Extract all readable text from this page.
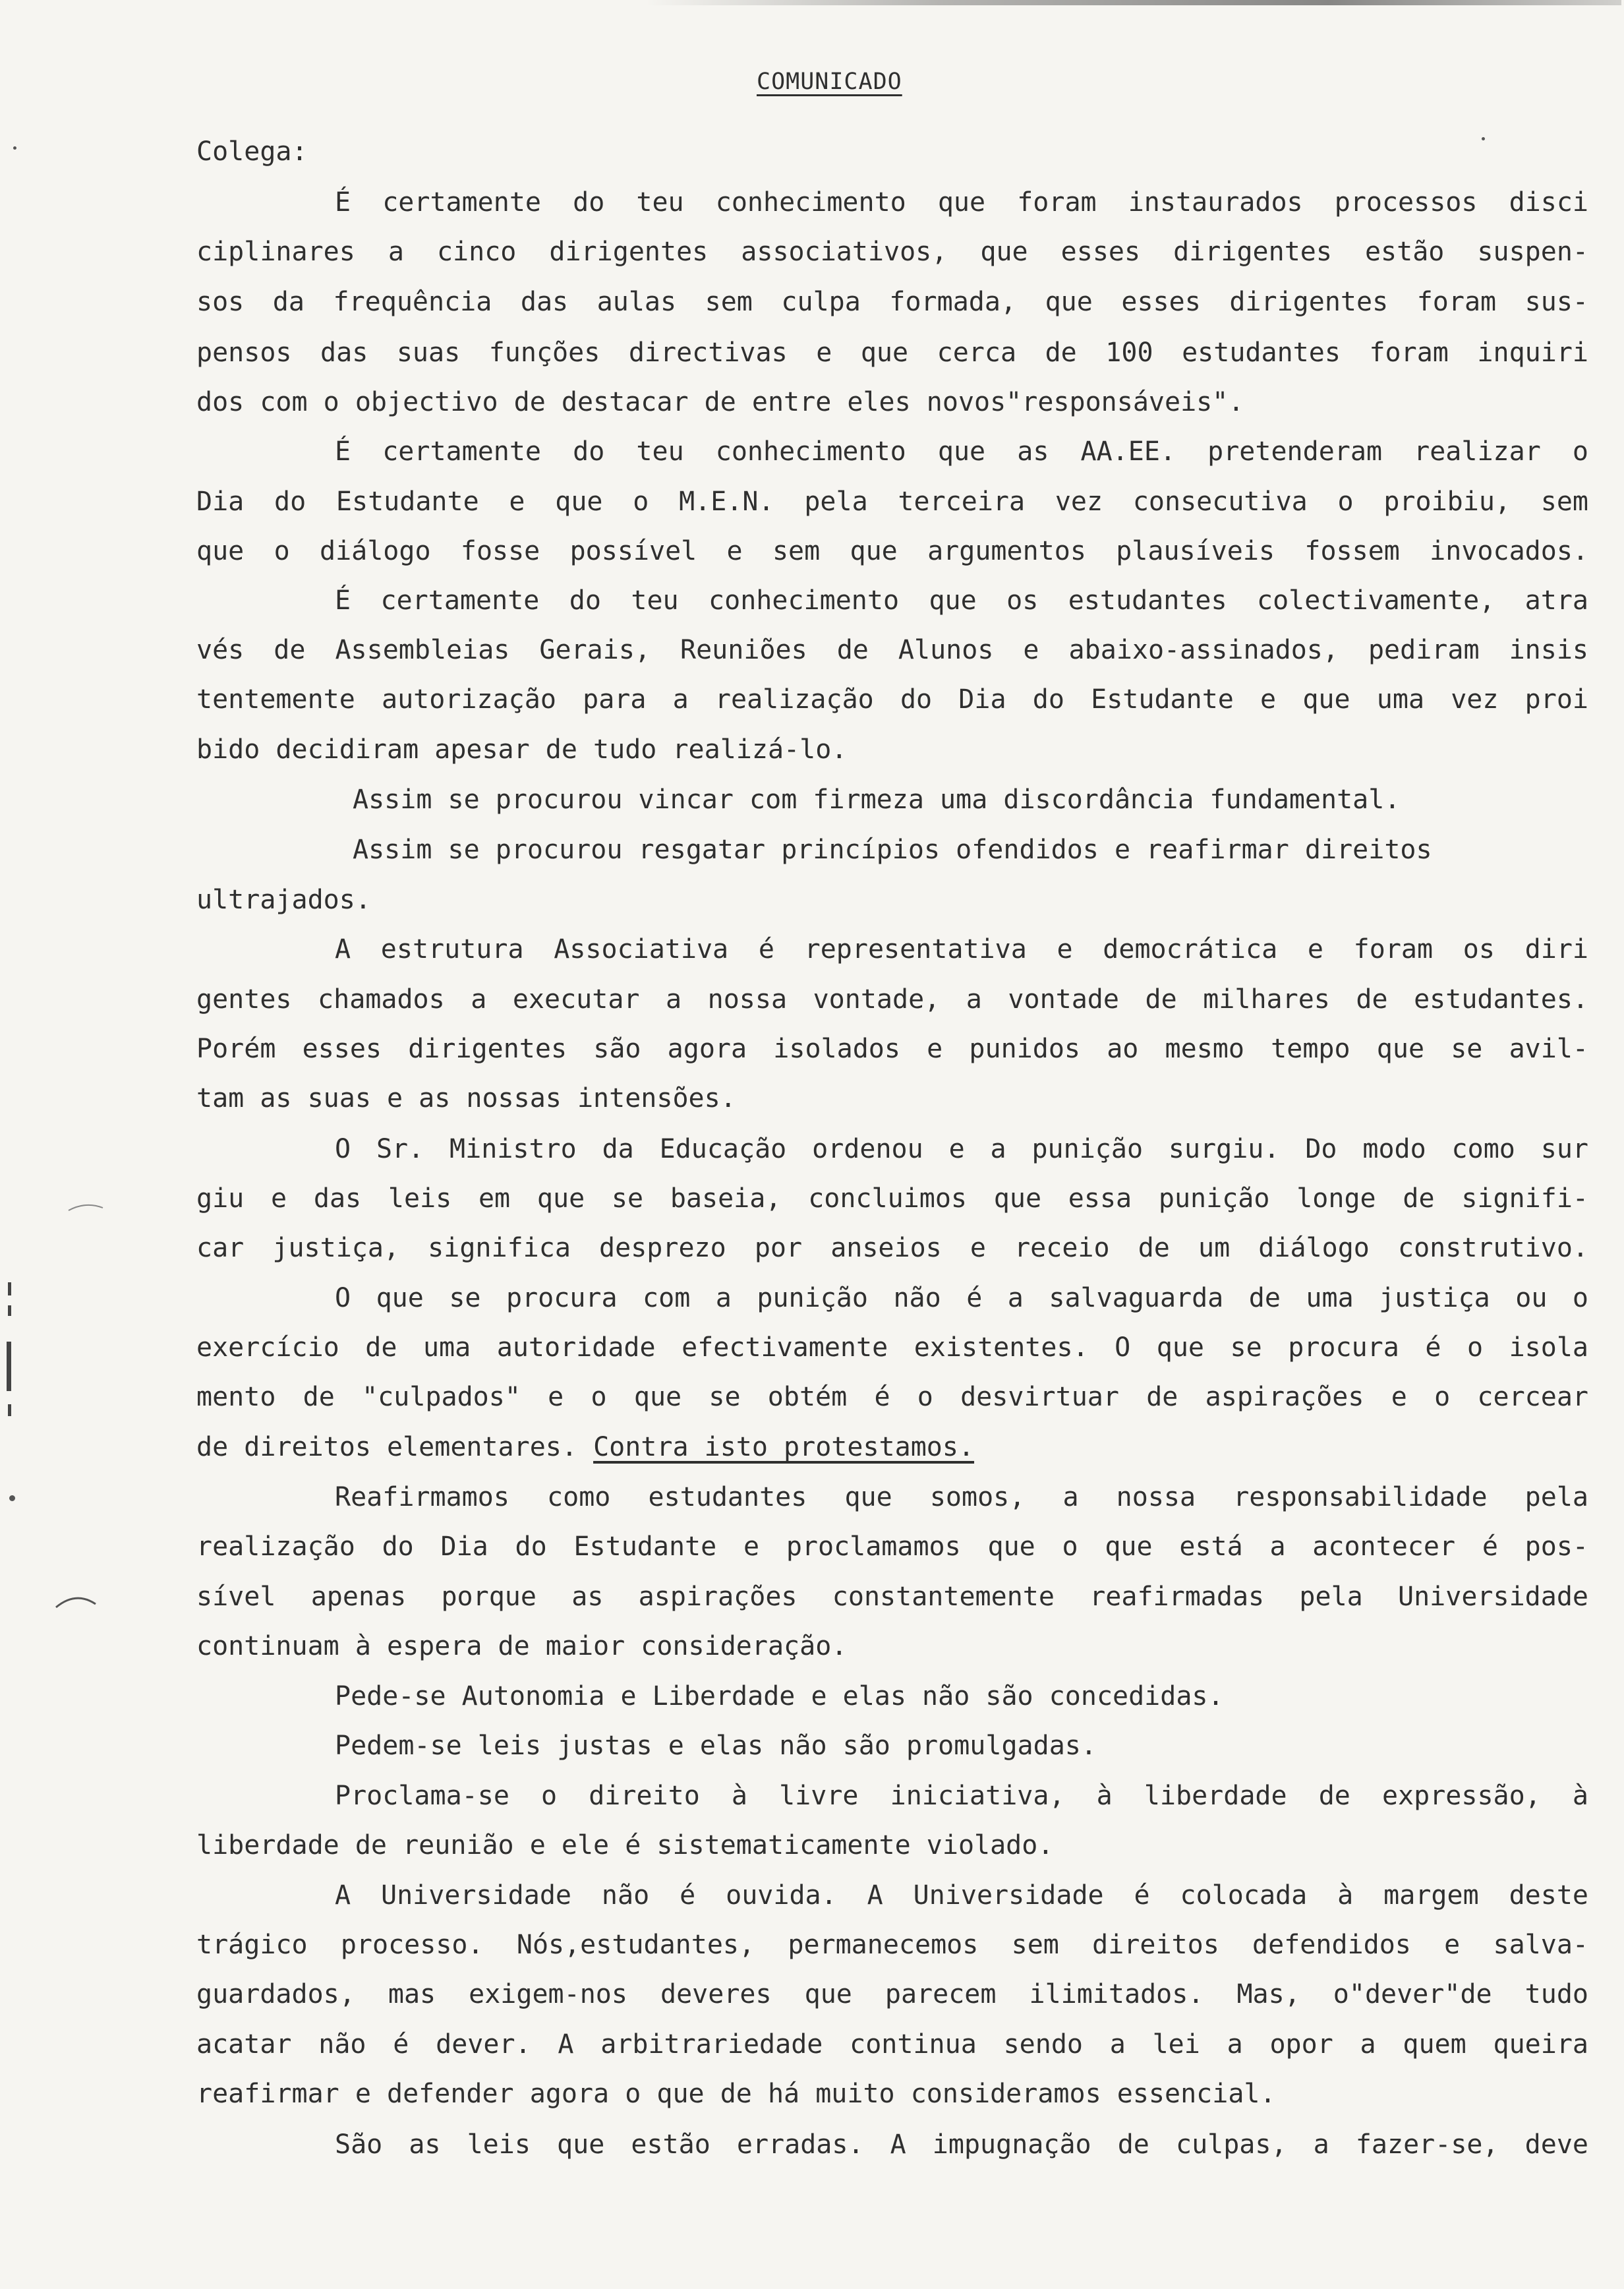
COMUNICADO
Colega:
É certamente do teu conhecimento que foram instaurados processos disci
ciplinares a cinco dirigentes associativos, que esses dirigentes estão suspen-
sos da frequência das aulas sem culpa formada, que esses dirigentes foram sus-
pensos das suas funções directivas e que cerca de 100 estudantes foram inquiri
dos com o objectivo de destacar de entre eles novos"responsáveis".
É certamente do teu conhecimento que as AA.EE. pretenderam realizar o
Dia do Estudante e que o M.E.N. pela terceira vez consecutiva o proibiu, sem
que o diálogo fosse possível e sem que argumentos plausíveis fossem invocados.
É certamente do teu conhecimento que os estudantes colectivamente, atra
vés de Assembleias Gerais, Reuniões de Alunos e abaixo-assinados, pediram insis
tentemente autorização para a realização do Dia do Estudante e que uma vez proi
bido decidiram apesar de tudo realizá-lo.
Assim se procurou vincar com firmeza uma discordância fundamental.
Assim se procurou resgatar princípios ofendidos e reafirmar direitos
ultrajados.
A estrutura Associativa é representativa e democrática e foram os diri
gentes chamados a executar a nossa vontade, a vontade de milhares de estudantes.
Porém esses dirigentes são agora isolados e punidos ao mesmo tempo que se avil-
tam as suas e as nossas intensões.
O Sr. Ministro da Educação ordenou e a punição surgiu. Do modo como sur
giu e das leis em que se baseia, concluimos que essa punição longe de signifi-
car justiça, significa desprezo por anseios e receio de um diálogo construtivo.
O que se procura com a punição não é a salvaguarda de uma justiça ou o
exercício de uma autoridade efectivamente existentes. O que se procura é o isola
mento de "culpados" e o que se obtém é o desvirtuar de aspirações e o cercear
de direitos elementares. Contra isto protestamos.
Reafirmamos como estudantes que somos, a nossa responsabilidade pela
realização do Dia do Estudante e proclamamos que o que está a acontecer é pos-
sível apenas porque as aspirações constantemente reafirmadas pela Universidade
continuam à espera de maior consideração.
Pede-se Autonomia e Liberdade e elas não são concedidas.
Pedem-se leis justas e elas não são promulgadas.
Proclama-se o direito à livre iniciativa, à liberdade de expressão, à
liberdade de reunião e ele é sistematicamente violado.
A Universidade não é ouvida. A Universidade é colocada à margem deste
trágico processo. Nós,estudantes, permanecemos sem direitos defendidos e salva-
guardados, mas exigem-nos deveres que parecem ilimitados. Mas, o"dever"de tudo
acatar não é dever. A arbitrariedade continua sendo a lei a opor a quem queira
reafirmar e defender agora o que de há muito consideramos essencial.
São as leis que estão erradas. A impugnação de culpas, a fazer-se, deve
